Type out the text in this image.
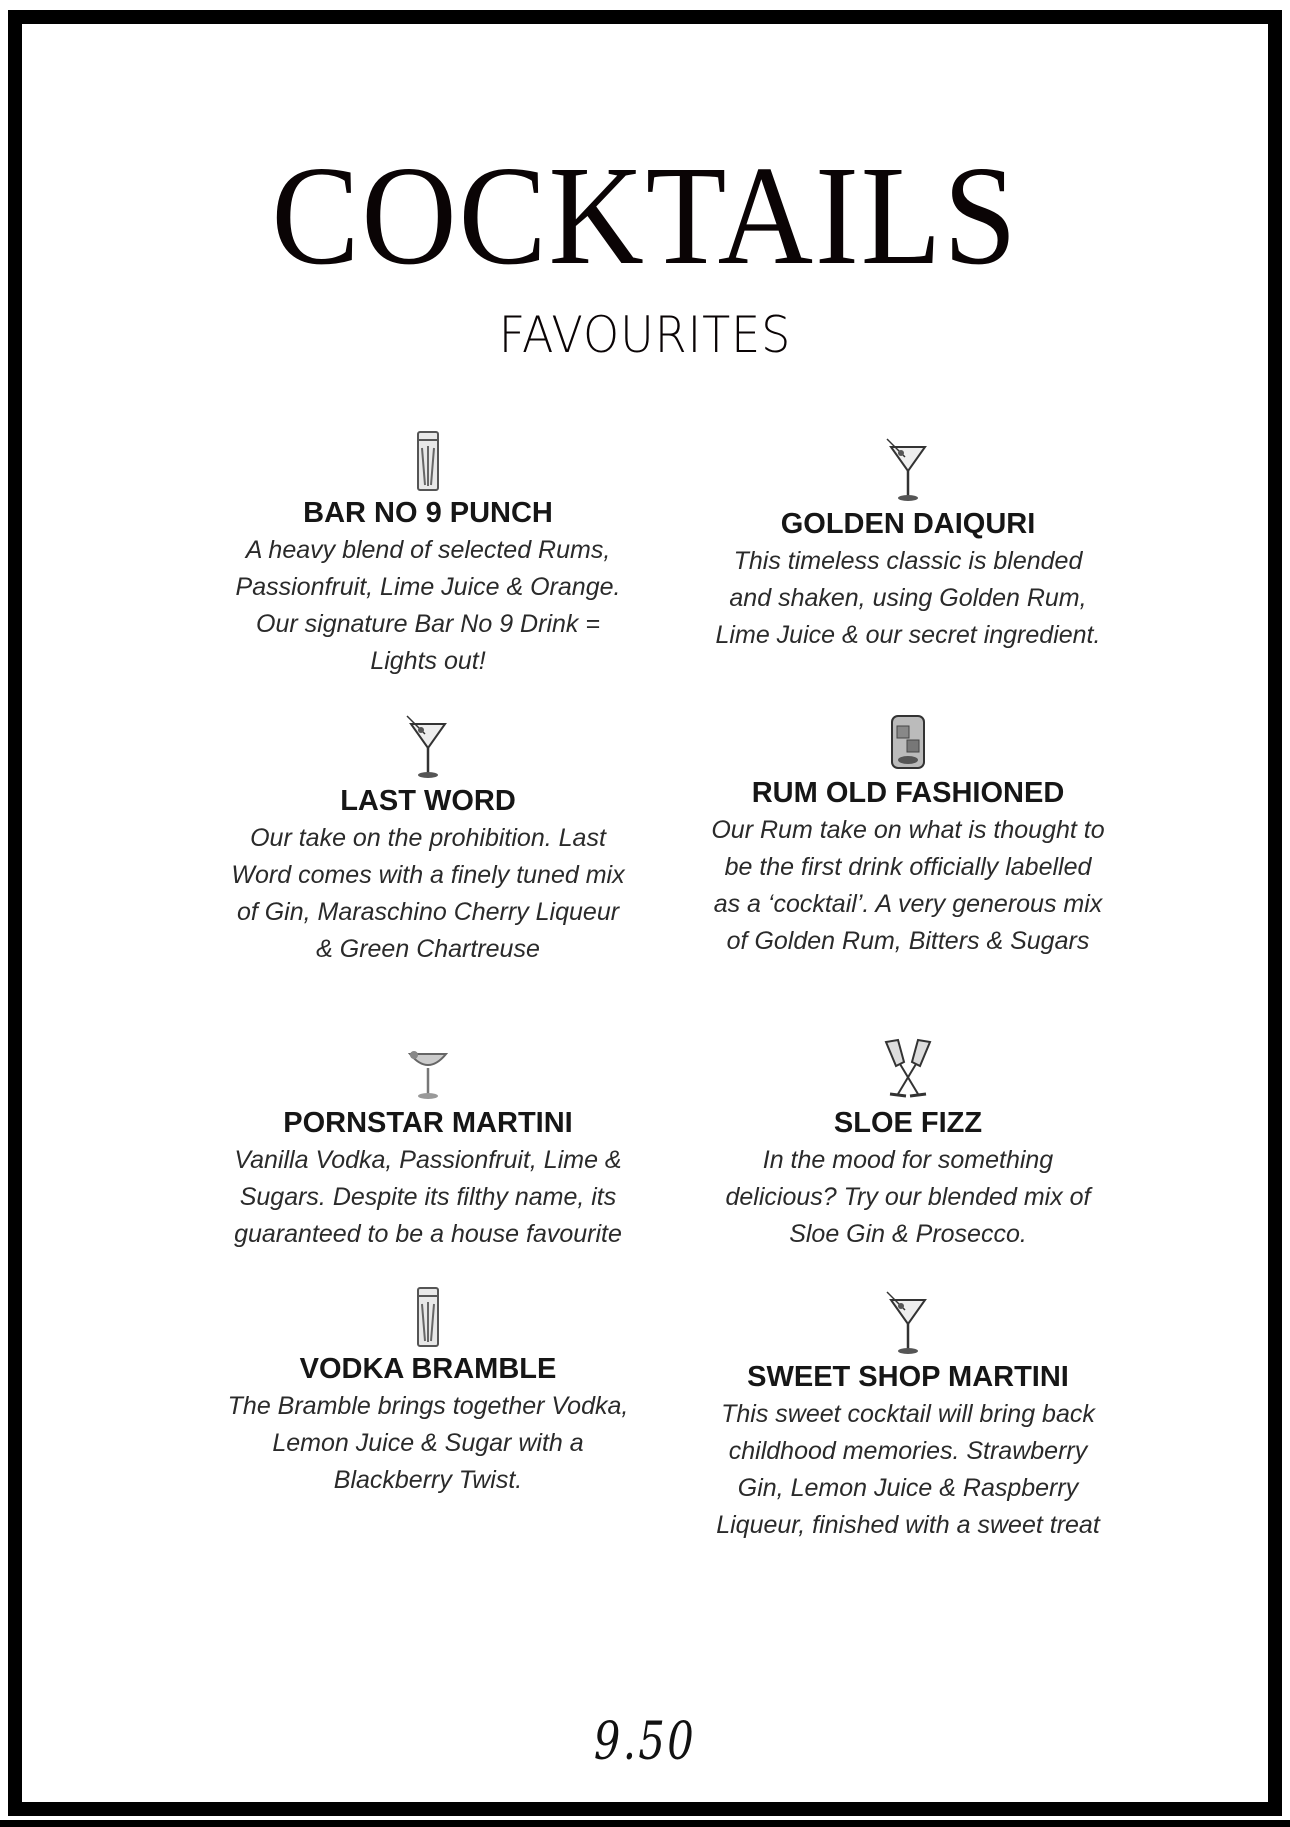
COCKTAILS
FAVOURITES
BAR NO 9 PUNCH
A heavy blend of selected Rums,
Passionfruit, Lime Juice & Orange.
Our signature Bar No 9 Drink =
Lights out!
GOLDEN DAIQURI
This timeless classic is blended
and shaken, using Golden Rum,
Lime Juice & our secret ingredient.
LAST WORD
Our take on the prohibition. Last
Word comes with a finely tuned mix
of Gin, Maraschino Cherry Liqueur
& Green Chartreuse
RUM OLD FASHIONED
Our Rum take on what is thought to
be the first drink officially labelled
as a ‘cocktail’. A very generous mix
of Golden Rum, Bitters & Sugars
PORNSTAR MARTINI
Vanilla Vodka, Passionfruit, Lime &
Sugars. Despite its filthy name, its
guaranteed to be a house favourite
SLOE FIZZ
In the mood for something
delicious? Try our blended mix of
Sloe Gin & Prosecco.
VODKA BRAMBLE
The Bramble brings together Vodka,
Lemon Juice & Sugar with a
Blackberry Twist.
SWEET SHOP MARTINI
This sweet cocktail will bring back
childhood memories. Strawberry
Gin, Lemon Juice & Raspberry
Liqueur, finished with a sweet treat
9.50
